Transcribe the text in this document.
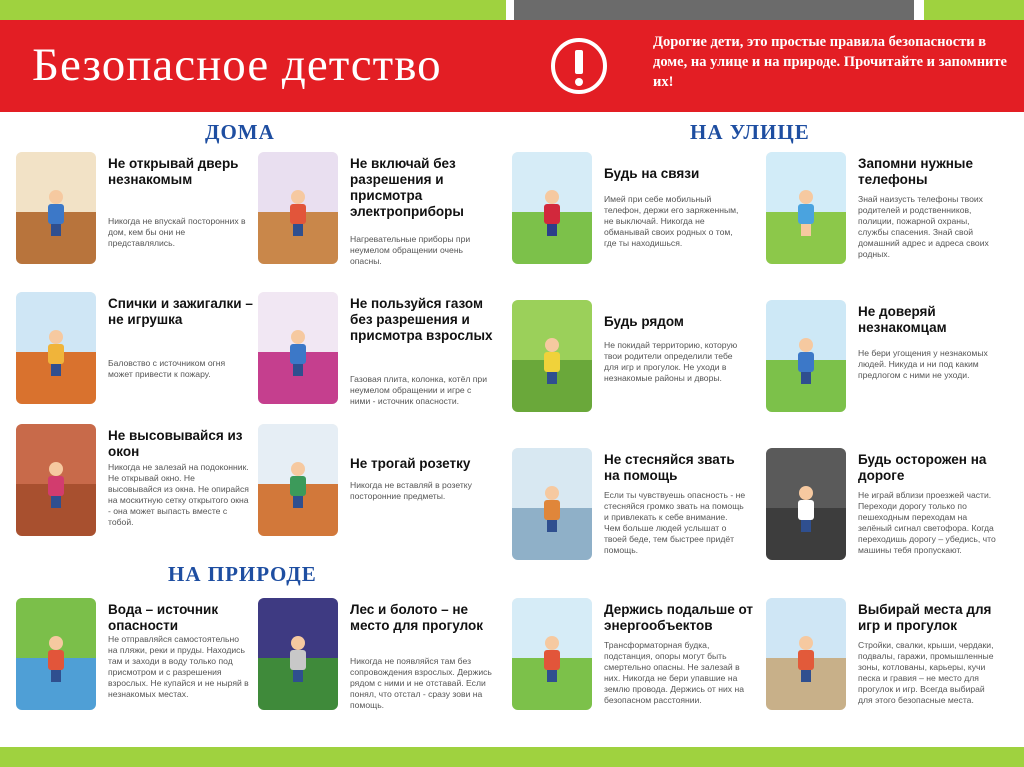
Безопасное детство	Дорогие дети, это простые правила безопасности в доме, на улице и на природе. Прочитайте и запомните их!
ДОМА	НА УЛИЦЕ
НА ПРИРОДЕ
Не открывай дверь незнакомым
Никогда не впускай посторонних в дом, кем бы они не представлялись.
Не включай без разрешения и присмотра электроприборы
Нагревательные приборы при неумелом обращении очень опасны.
Спички и зажигалки – не игрушка
Баловство с источником огня может привести к пожару.
Не пользуйся газом без разрешения и присмотра взрослых
Газовая плита, колонка, котёл при неумелом обращении и игре с ними - источник опасности.
Не высовывайся из окон
Никогда не залезай на подоконник. Не открывай окно. Не высовывайся из окна. Не опирайся на москитную сетку открытого окна - она может выпасть вместе с тобой.
Не трогай розетку
Никогда не вставляй в розетку посторонние предметы.
Вода – источник опасности
Не отправляйся самостоятельно на пляжи, реки и пруды. Находись там и заходи в воду только под присмотром и с разрешения взрослых. Не купайся и не ныряй в незнакомых местах.
Лес и болото – не место для прогулок
Никогда не появляйся там без сопровождения взрослых. Держись рядом с ними и не отставай. Если понял, что отстал - сразу зови на помощь.
Будь на связи
Имей при себе мобильный телефон, держи его заряженным, не выключай. Никогда не обманывай своих родных о том, где ты находишься.
Запомни нужные телефоны
Знай наизусть телефоны твоих родителей и родственников, полиции, пожарной охраны, службы спасения. Знай свой домашний адрес и адреса своих родных.
Будь рядом
Не покидай территорию, которую твои родители определили тебе для игр и прогулок. Не уходи в незнакомые районы и дворы.
Не доверяй незнакомцам
Не бери угощения у незнакомых людей. Никуда и ни под каким предлогом с ними не уходи.
Не стесняйся звать на помощь
Если ты чувствуешь опасность - не стесняйся громко звать на помощь и привлекать к себе внимание. Чем больше людей услышат о твоей беде, тем быстрее придёт помощь.
Будь осторожен на дороге
Не играй вблизи проезжей части. Переходи дорогу только по пешеходным переходам на зелёный сигнал светофора. Когда переходишь дорогу – убедись, что машины тебя пропускают.
Держись подальше от энергообъектов
Трансформаторная будка, подстанция, опоры могут быть смертельно опасны. Не залезай в них. Никогда не бери упавшие на землю провода. Держись от них на безопасном расстоянии.
Выбирай места для игр и прогулок
Стройки, свалки, крыши, чердаки, подвалы, гаражи, промышленные зоны, котлованы, карьеры, кучи песка и гравия – не место для прогулок и игр. Всегда выбирай для этого безопасные места.
